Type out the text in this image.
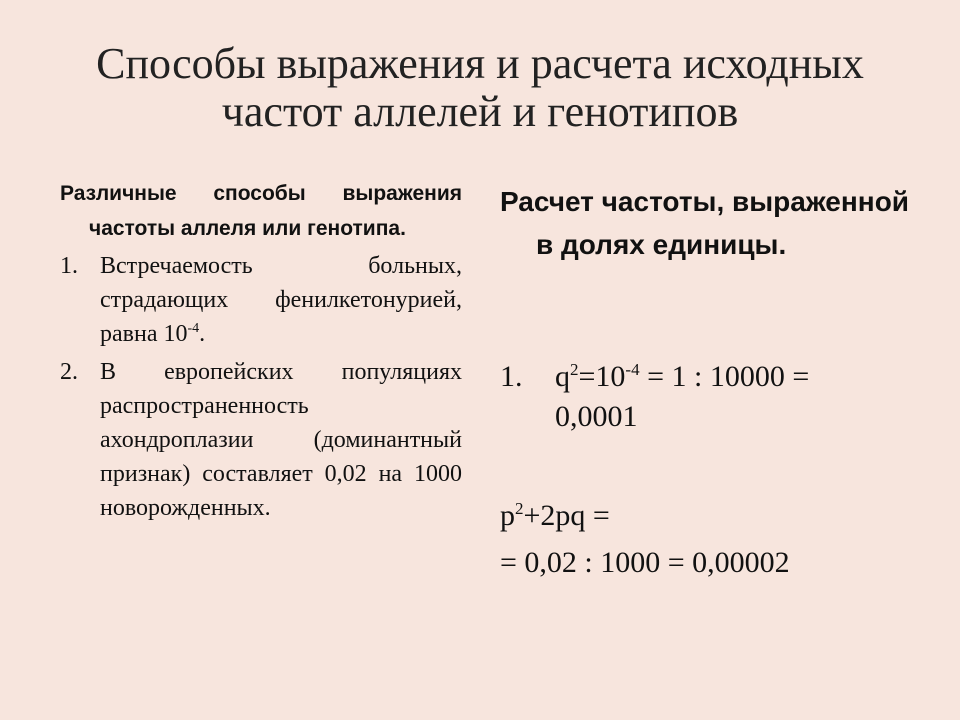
Способы выражения и расчета исходных частот аллелей и генотипов

Различные способы выражения частоты аллеля или генотипа.

1. Встречаемость больных, страдающих фенилкетонурией, равна $10^{-4}$.
2. В европейских популяциях распространенность ахондроплазии (доминантный признак) составляет 0,02 на 1000 новорожденных.

Расчет частоты, выраженной в долях единицы.

1. $q^2=10^{-4} = 1$ : 10000 = 0,0001
$p^2+2pq$ =
= 0,02 : 1000 = 0,00002
